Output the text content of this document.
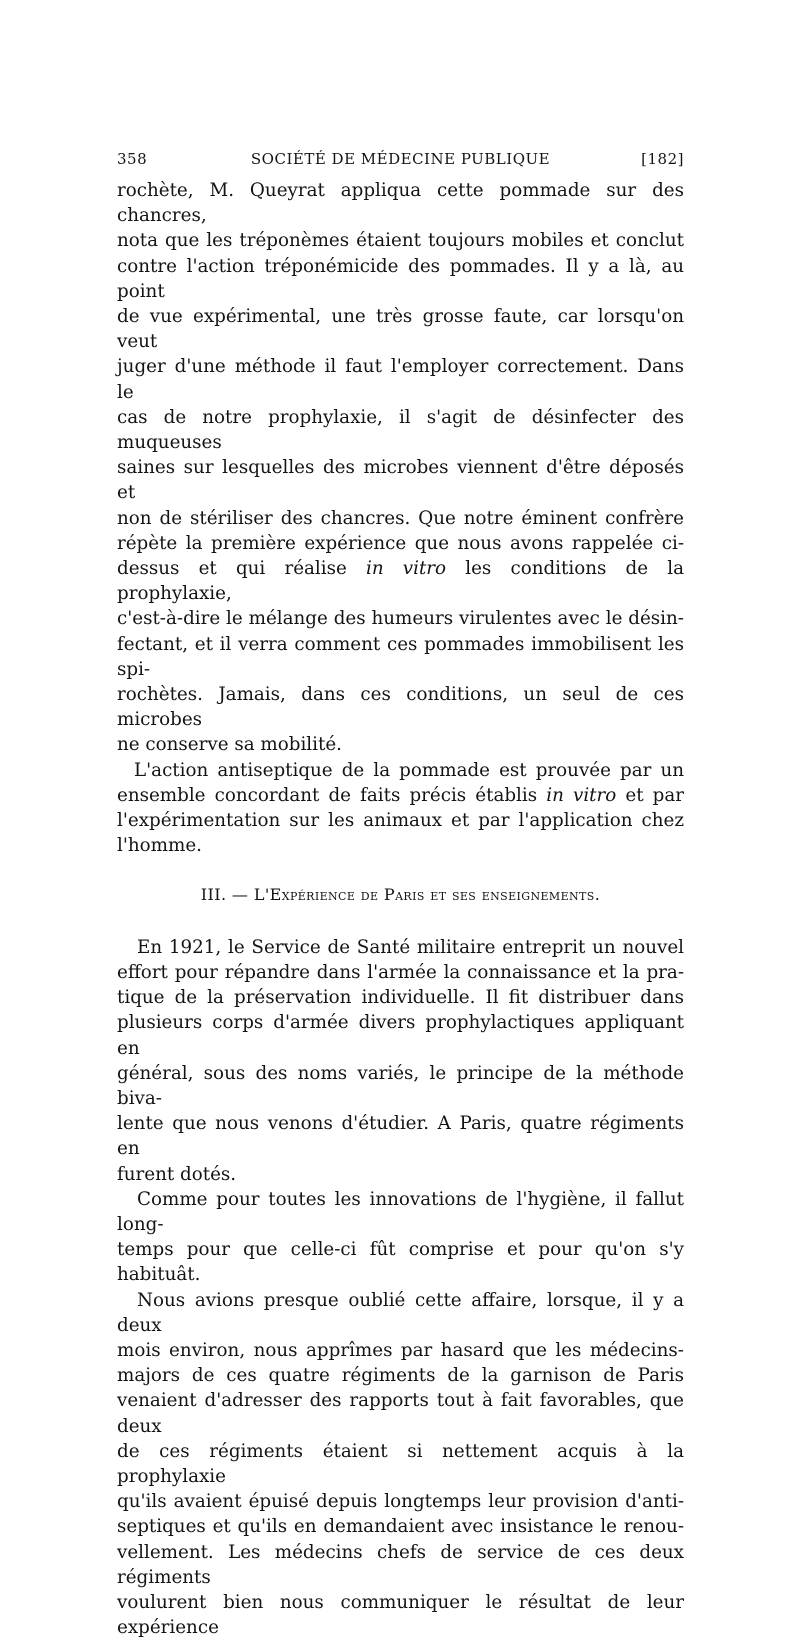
358	SOCIÉTÉ DE MÉDECINE PUBLIQUE	[182]

rochète, M. Queyrat appliqua cette pommade sur des chancres,

nota que les tréponèmes étaient toujours mobiles et conclut

contre l'action tréponémicide des pommades. Il y a là, au point

de vue expérimental, une très grosse faute, car lorsqu'on veut

juger d'une méthode il faut l'employer correctement. Dans le

cas de notre prophylaxie, il s'agit de désinfecter des muqueuses

saines sur lesquelles des microbes viennent d'être déposés et

non de stériliser des chancres. Que notre éminent confrère

répète la première expérience que nous avons rappelée ci-

dessus et qui réalise in vitro les conditions de la prophylaxie,

c'est-à-dire le mélange des humeurs virulentes avec le désin-

fectant, et il verra comment ces pommades immobilisent les spi-

rochètes. Jamais, dans ces conditions, un seul de ces microbes

ne conserve sa mobilité.

L'action antiseptique de la pommade est prouvée par un

ensemble concordant de faits précis établis in vitro et par

l'expérimentation sur les animaux et par l'application chez

l'homme.

III. — L'Expérience de Paris et ses enseignements.

En 1921, le Service de Santé militaire entreprit un nouvel

effort pour répandre dans l'armée la connaissance et la pra-

tique de la préservation individuelle. Il fit distribuer dans

plusieurs corps d'armée divers prophylactiques appliquant en

général, sous des noms variés, le principe de la méthode biva-

lente que nous venons d'étudier. A Paris, quatre régiments en

furent dotés.

Comme pour toutes les innovations de l'hygiène, il fallut long-

temps pour que celle-ci fût comprise et pour qu'on s'y habituât.

Nous avions presque oublié cette affaire, lorsque, il y a deux

mois environ, nous apprîmes par hasard que les médecins-

majors de ces quatre régiments de la garnison de Paris

venaient d'adresser des rapports tout à fait favorables, que deux

de ces régiments étaient si nettement acquis à la prophylaxie

qu'ils avaient épuisé depuis longtemps leur provision d'anti-

septiques et qu'ils en demandaient avec insistance le renou-

vellement. Les médecins chefs de service de ces deux régiments

voulurent bien nous communiquer le résultat de leur expérience
